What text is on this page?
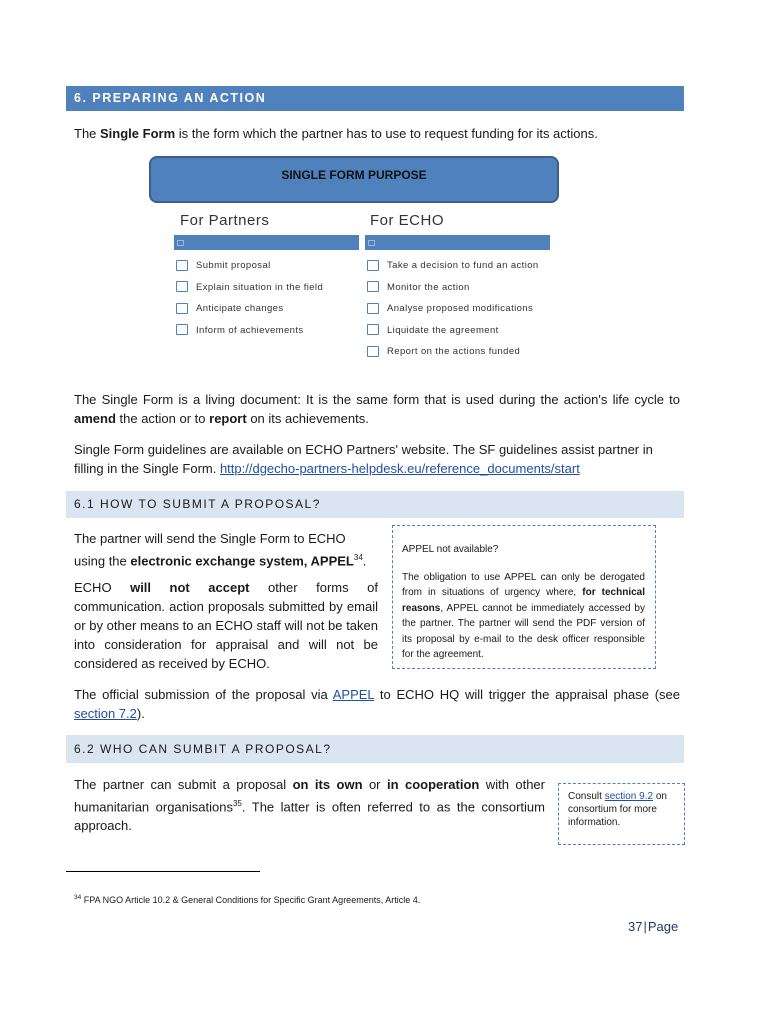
6. PREPARING AN ACTION
The Single Form is the form which the partner has to use to request funding for its actions.
SINGLE FORM PURPOSE
For Partners	For ECHO
Submit proposal
Explain situation in the field
Anticipate changes
Inform of achievements
Take a decision to fund an action
Monitor the action
Analyse proposed modifications
Liquidate the agreement
Report on the actions funded
The Single Form is a living document: It is the same form that is used during the action's life cycle to amend the action or to report on its achievements.
Single Form guidelines are available on ECHO Partners' website. The SF guidelines assist partner in filling in the Single Form. http://dgecho-partners-helpdesk.eu/reference_documents/start
6.1 HOW TO SUBMIT A PROPOSAL?
The partner will send the Single Form to ECHO using the electronic exchange system, APPEL$^{34}$.
ECHO will not accept other forms of communication. action proposals submitted by email or by other means to an ECHO staff will not be taken into consideration for appraisal and will not be considered as received by ECHO.
APPEL not available?
The obligation to use APPEL can only be derogated from in situations of urgency where, for technical reasons, APPEL cannot be immediately accessed by the partner. The partner will send the PDF version of its proposal by e-mail to the desk officer responsible for the agreement.
The official submission of the proposal via APPEL to ECHO HQ will trigger the appraisal phase (see section 7.2).
6.2 WHO CAN SUMBIT A PROPOSAL?
The partner can submit a proposal on its own or in cooperation with other humanitarian organisations$^{35}$. The latter is often referred to as the consortium approach.
Consult section 9.2 on consortium for more information.
$^{34}$ FPA NGO Article 10.2 & General Conditions for Specific Grant Agreements, Article 4.
37|Page
